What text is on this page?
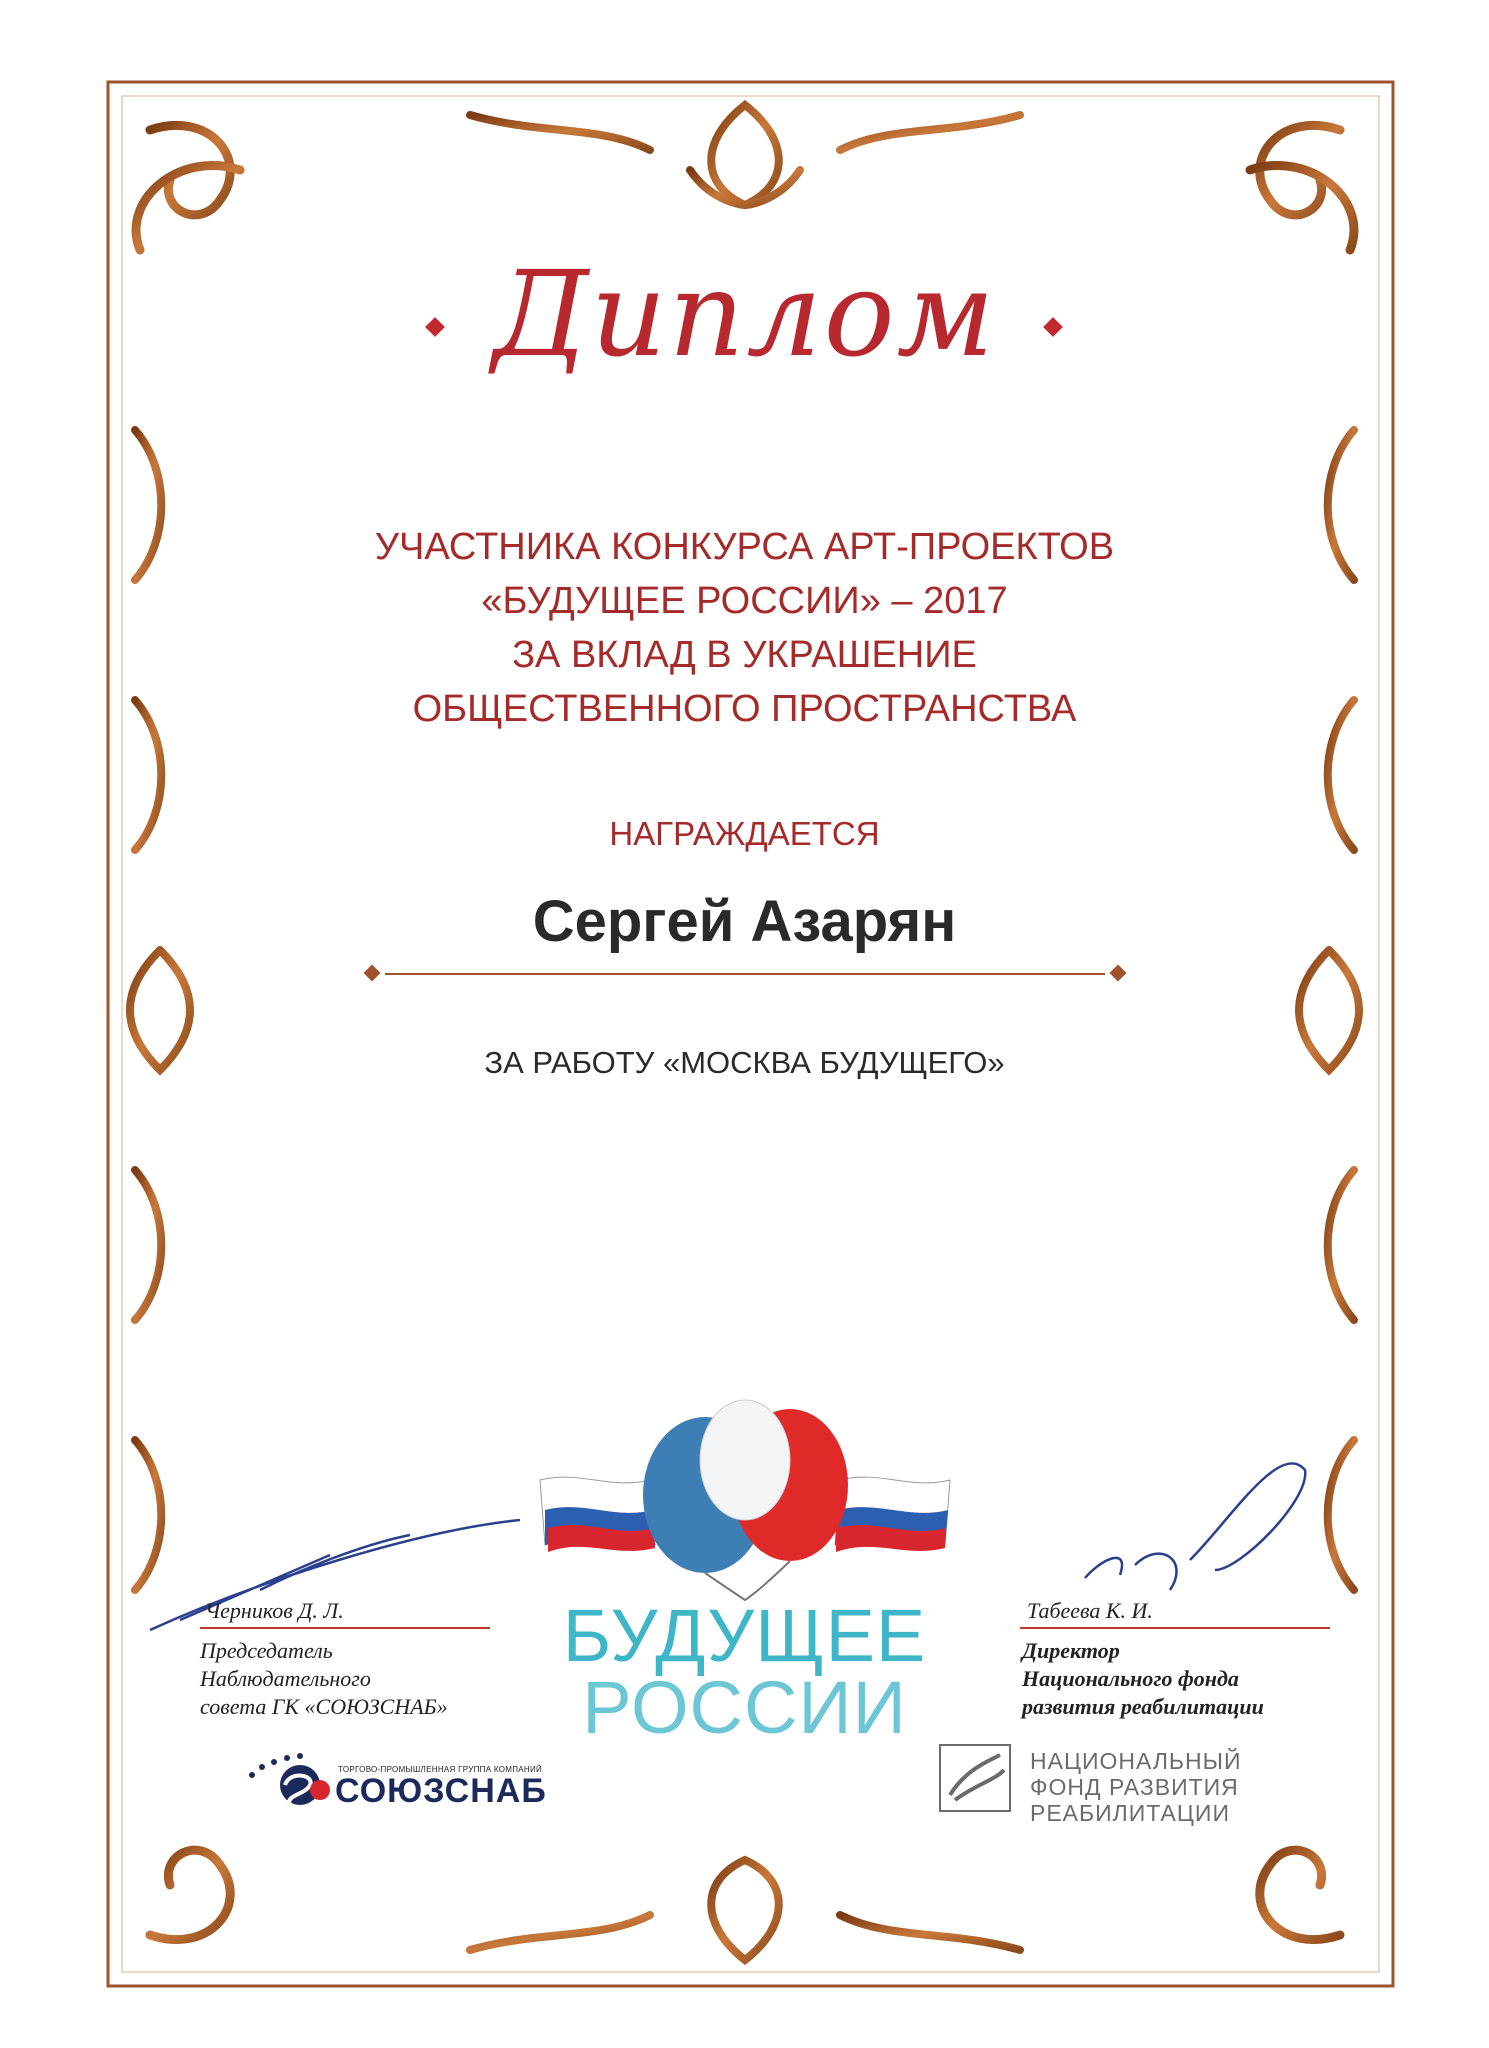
Диплом
УЧАСТНИКА КОНКУРСА АРТ-ПРОЕКТОВ
«БУДУЩЕЕ РОССИИ» – 2017
ЗА ВКЛАД В УКРАШЕНИЕ
ОБЩЕСТВЕННОГО ПРОСТРАНСТВА
НАГРАЖДАЕТСЯ
Сергей Азарян
ЗА РАБОТУ «МОСКВА БУДУЩЕГО»
Черников Д. Л.
Председатель
Наблюдательного
совета ГК «СОЮЗСНАБ»
Табеева К. И.
Директор
Национального фонда
развития реабилитации
БУДУЩЕЕ
РОССИИ
ТОРГОВО-ПРОМЫШЛЕННАЯ ГРУППА КОМПАНИЙ
СОЮЗСНАБ
НАЦИОНАЛЬНЫЙ
ФОНД РАЗВИТИЯ
РЕАБИЛИТАЦИИ
